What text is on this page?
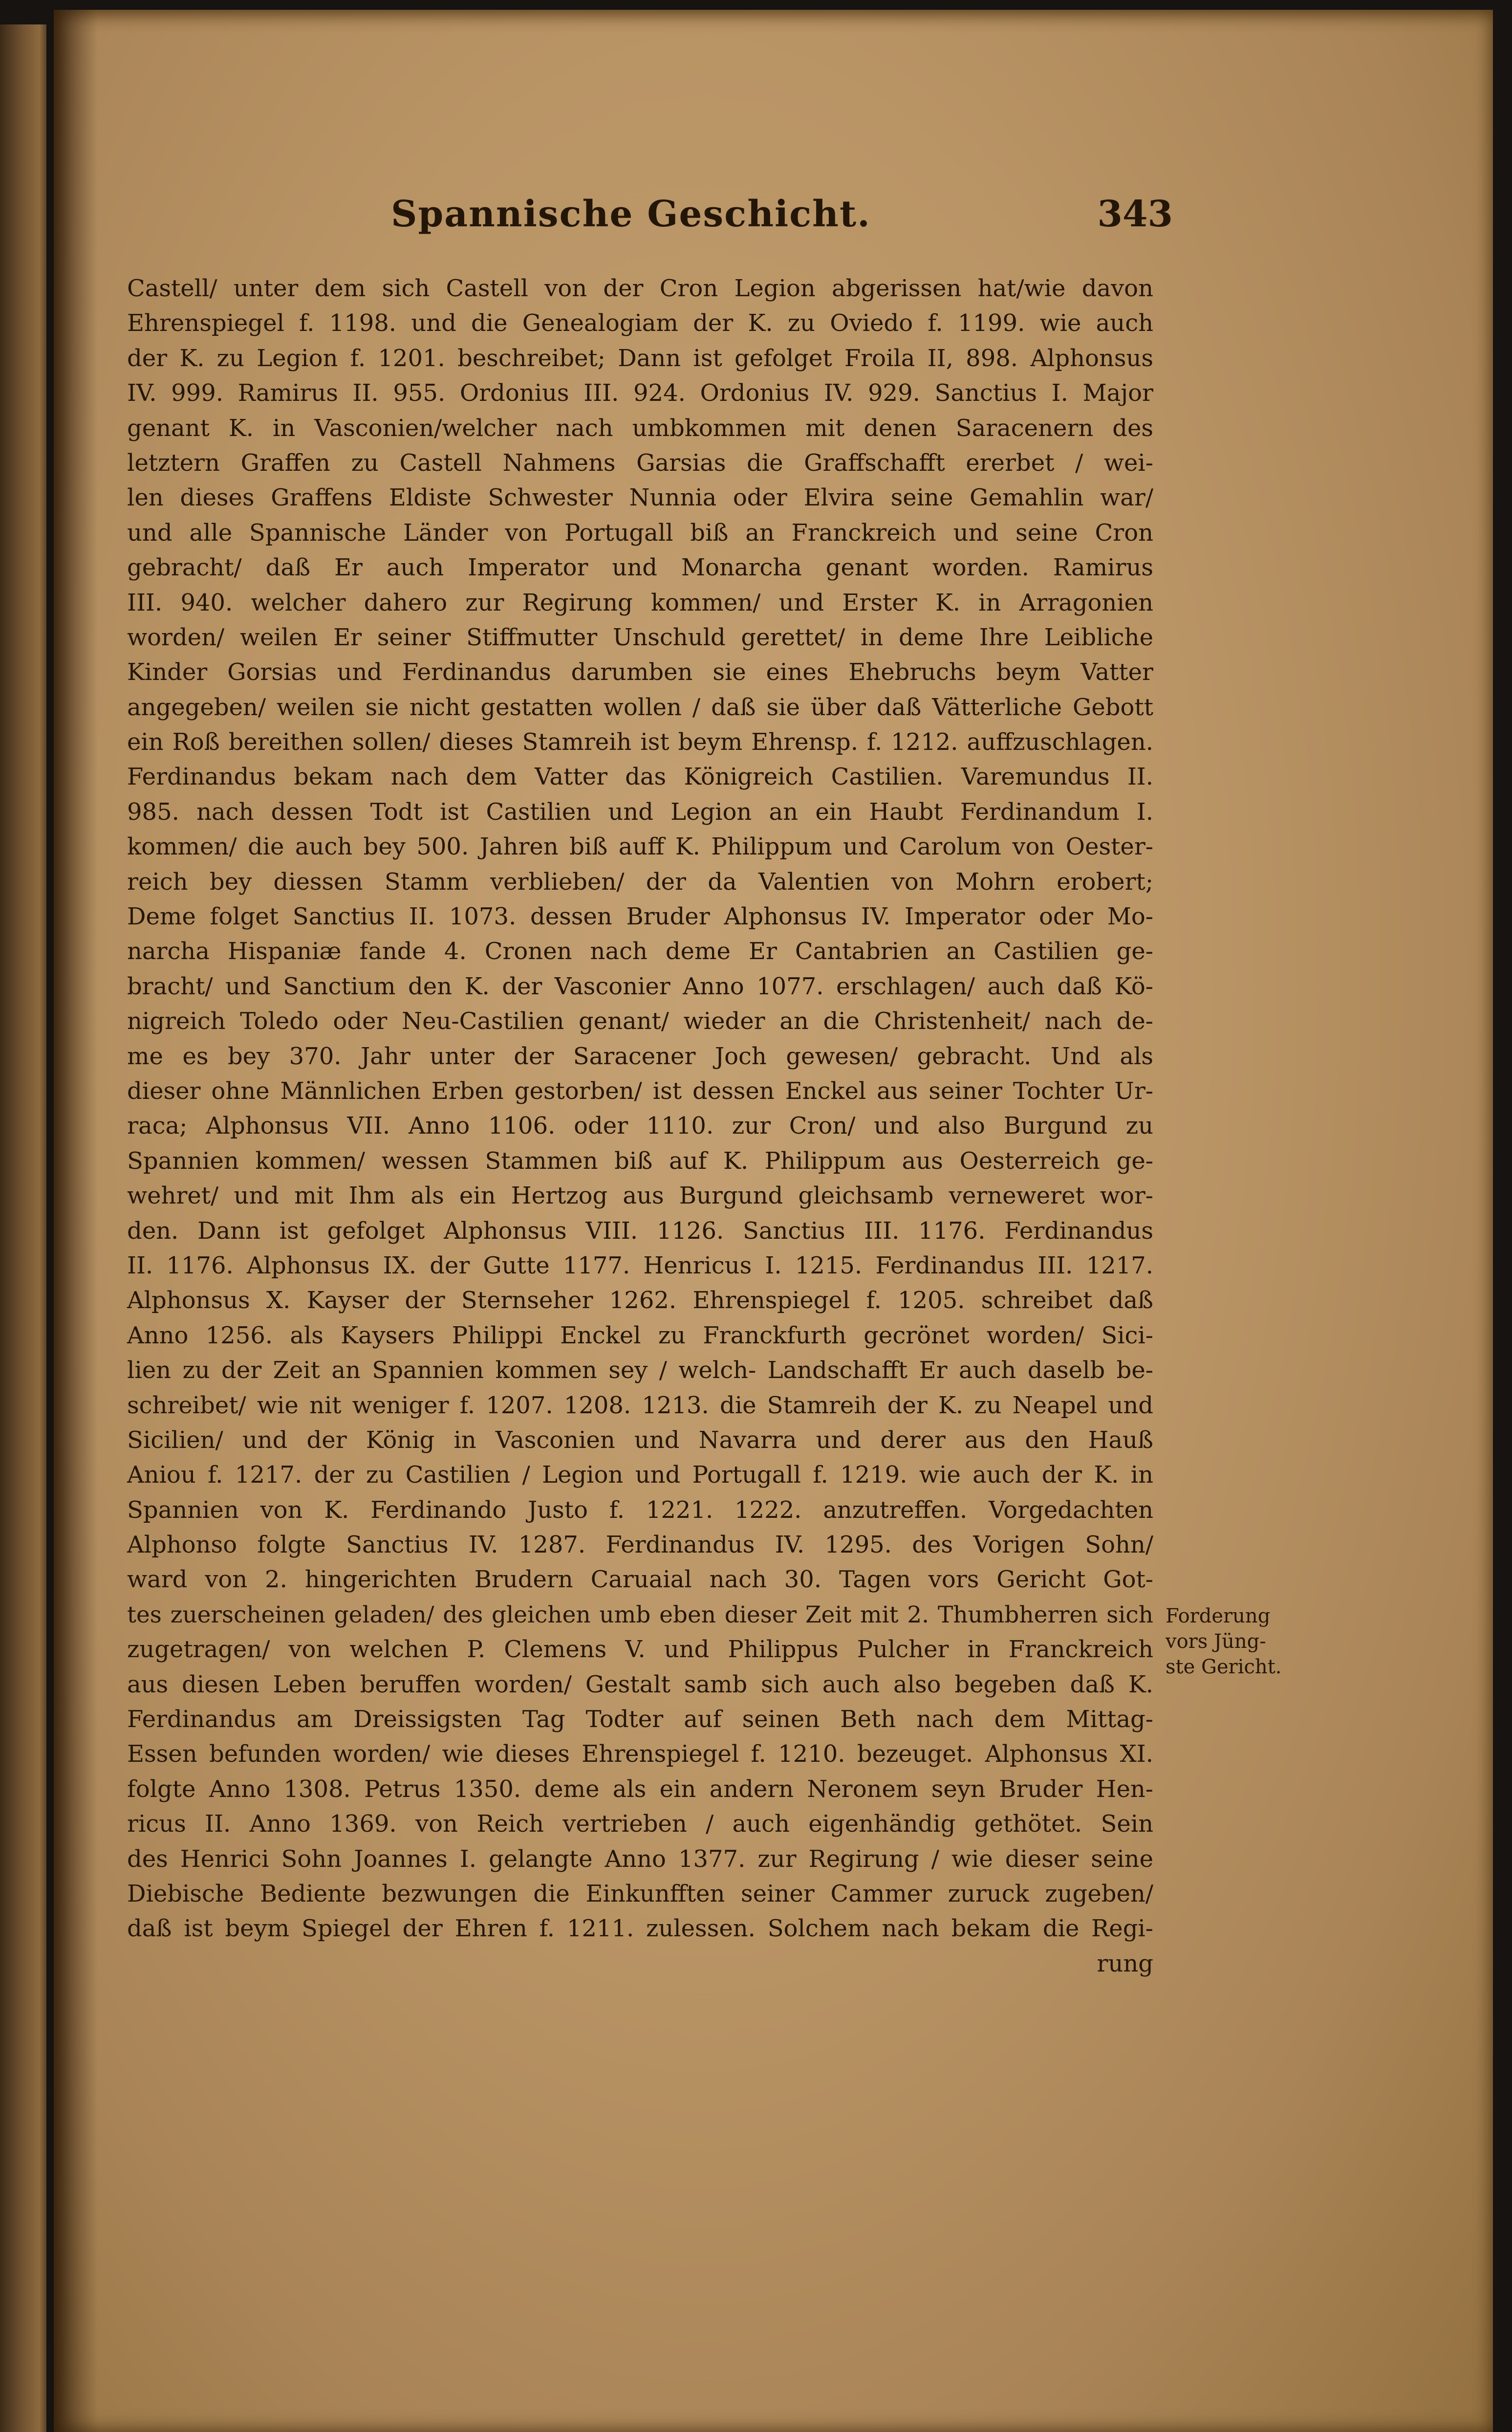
Spannische Geschicht.	343
Castell/ unter dem sich Castell von der Cron Legion abgerissen hat/wie davon
Ehrenspiegel f. 1198. und die Genealogiam der K. zu Oviedo f. 1199. wie auch
der K. zu Legion f. 1201. beschreibet; Dann ist gefolget Froila II, 898. Alphonsus
IV. 999. Ramirus II. 955. Ordonius III. 924. Ordonius IV. 929. Sanctius I. Major
genant K. in Vasconien/welcher nach umbkommen mit denen Saracenern des
letztern Graffen zu Castell Nahmens Garsias die Graffschafft ererbet / wei-
len dieses Graffens Eldiste Schwester Nunnia oder Elvira seine Gemahlin war/
und alle Spannische Länder von Portugall biß an Franckreich und seine Cron
gebracht/ daß Er auch Imperator und Monarcha genant worden. Ramirus
III. 940. welcher dahero zur Regirung kommen/ und Erster K. in Arragonien
worden/ weilen Er seiner Stiffmutter Unschuld gerettet/ in deme Ihre Leibliche
Kinder Gorsias und Ferdinandus darumben sie eines Ehebruchs beym Vatter
angegeben/ weilen sie nicht gestatten wollen / daß sie über daß Vätterliche Gebott
ein Roß bereithen sollen/ dieses Stamreih ist beym Ehrensp. f. 1212. auffzuschlagen.
Ferdinandus bekam nach dem Vatter das Königreich Castilien. Varemundus II.
985. nach dessen Todt ist Castilien und Legion an ein Haubt Ferdinandum I.
kommen/ die auch bey 500. Jahren biß auff K. Philippum und Carolum von Oester-
reich bey diessen Stamm verblieben/ der da Valentien von Mohrn erobert;
Deme folget Sanctius II. 1073. dessen Bruder Alphonsus IV. Imperator oder Mo-
narcha Hispaniæ fande 4. Cronen nach deme Er Cantabrien an Castilien ge-
bracht/ und Sanctium den K. der Vasconier Anno 1077. erschlagen/ auch daß Kö-
nigreich Toledo oder Neu-Castilien genant/ wieder an die Christenheit/ nach de-
me es bey 370. Jahr unter der Saracener Joch gewesen/ gebracht. Und als
dieser ohne Männlichen Erben gestorben/ ist dessen Enckel aus seiner Tochter Ur-
raca; Alphonsus VII. Anno 1106. oder 1110. zur Cron/ und also Burgund zu
Spannien kommen/ wessen Stammen biß auf K. Philippum aus Oesterreich ge-
wehret/ und mit Ihm als ein Hertzog aus Burgund gleichsamb verneweret wor-
den. Dann ist gefolget Alphonsus VIII. 1126. Sanctius III. 1176. Ferdinandus
II. 1176. Alphonsus IX. der Gutte 1177. Henricus I. 1215. Ferdinandus III. 1217.
Alphonsus X. Kayser der Sternseher 1262. Ehrenspiegel f. 1205. schreibet daß
Anno 1256. als Kaysers Philippi Enckel zu Franckfurth gecrönet worden/ Sici-
lien zu der Zeit an Spannien kommen sey / welch- Landschafft Er auch daselb be-
schreibet/ wie nit weniger f. 1207. 1208. 1213. die Stamreih der K. zu Neapel und
Sicilien/ und der König in Vasconien und Navarra und derer aus den Hauß
Aniou f. 1217. der zu Castilien / Legion und Portugall f. 1219. wie auch der K. in
Spannien von K. Ferdinando Justo f. 1221. 1222. anzutreffen. Vorgedachten
Alphonso folgte Sanctius IV. 1287. Ferdinandus IV. 1295. des Vorigen Sohn/
ward von 2. hingerichten Brudern Caruaial nach 30. Tagen vors Gericht Got-
tes zuerscheinen geladen/ des gleichen umb eben dieser Zeit mit 2. Thumbherren sich
zugetragen/ von welchen P. Clemens V. und Philippus Pulcher in Franckreich
aus diesen Leben beruffen worden/ Gestalt samb sich auch also begeben daß K.
Ferdinandus am Dreissigsten Tag Todter auf seinen Beth nach dem Mittag-
Essen befunden worden/ wie dieses Ehrenspiegel f. 1210. bezeuget. Alphonsus XI.
folgte Anno 1308. Petrus 1350. deme als ein andern Neronem seyn Bruder Hen-
ricus II. Anno 1369. von Reich vertrieben / auch eigenhändig gethötet. Sein
des Henrici Sohn Joannes I. gelangte Anno 1377. zur Regirung / wie dieser seine
Diebische Bediente bezwungen die Einkunfften seiner Cammer zuruck zugeben/
daß ist beym Spiegel der Ehren f. 1211. zulessen. Solchem nach bekam die Regi-
rung
Forderung
vors Jüng-
ste Gericht.
